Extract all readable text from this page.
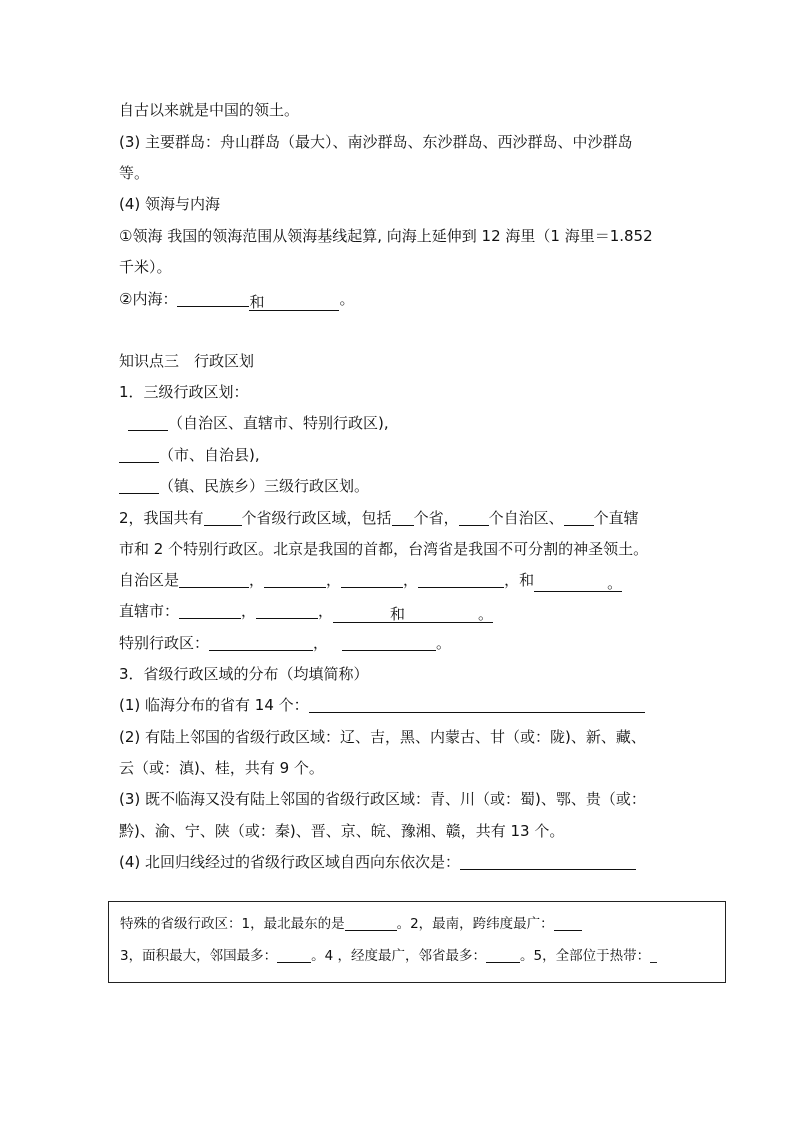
自古以来就是中国的领土。
(3) 主要群岛：舟山群岛（最大）、南沙群岛、东沙群岛、西沙群岛、中沙群岛
等。
(4) 领海与内海
①领海 我国的领海范围从领海基线起算, 向海上延伸到 12 海里（1 海里＝1.852
千米）。
②内海：	和	。
知识点三　行政区划
1．三级行政区划：
（自治区、直辖市、特别行政区),
（市、自治县),
（镇、民族乡）三级行政区划。
2，我国共有	个省级行政区域，包括 个省， 个自治区、 个直辖
市和 2 个特别行政区。北京是我国的首都，台湾省是我国不可分割的神圣领土。
自治区是	，	，	，	，和	。
直辖市：	，	，	和	。
特别行政区：	，	。
3．省级行政区域的分布（均填简称）
(1) 临海分布的省有 14 个：
(2) 有陆上邻国的省级行政区域：辽、吉，黑、内蒙古、甘（或：陇)、新、藏、
云（或：滇)、桂，共有 9 个。
(3) 既不临海又没有陆上邻国的省级行政区域：青、川（或：蜀)、鄂、贵（或：
黔)、渝、宁、陕（或：秦)、晋、京、皖、豫湘、赣，共有 13 个。
(4) 北回归线经过的省级行政区域自西向东依次是：
特殊的省级行政区：1，最北最东的是	。2，最南，跨纬度最广：
3，面积最大，邻国最多：	。4 ，经度最广，邻省最多：	。5，全部位于热带：_
